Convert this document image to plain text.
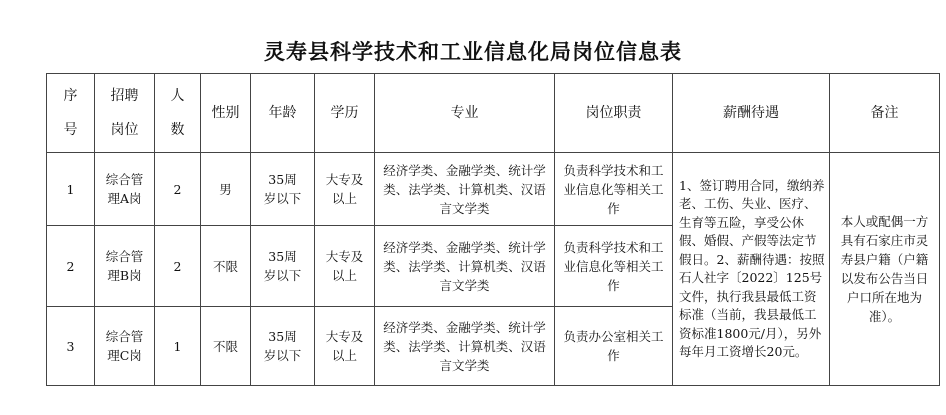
灵寿县科学技术和工业信息化局岗位信息表
序号	招聘岗位	人数	性别	年龄	学历	专业	岗位职责	薪酬待遇	备注
1	综合管理A岗	2	男	35周岁以下	大专及以上	经济学类、金融学类、统计学类、法学类、计算机类、汉语言文学类	负责科学技术和工业信息化等相关工作	1、签订聘用合同，缴纳养老、工伤、失业、医疗、生育等五险，享受公休假、婚假、产假等法定节假日。2、薪酬待遇：按照石人社字〔2022〕125号文件，执行我县最低工资标准（当前，我县最低工资标准1800元/月），另外每年月工资增长20元。	本人或配偶一方具有石家庄市灵寿县户籍（户籍以发布公告当日户口所在地为准）。
2	综合管理B岗	2	不限	35周岁以下	大专及以上	经济学类、金融学类、统计学类、法学类、计算机类、汉语言文学类	负责科学技术和工业信息化等相关工作		
3	综合管理C岗	1	不限	35周岁以下	大专及以上	经济学类、金融学类、统计学类、法学类、计算机类、汉语言文学类	负责办公室相关工作		
